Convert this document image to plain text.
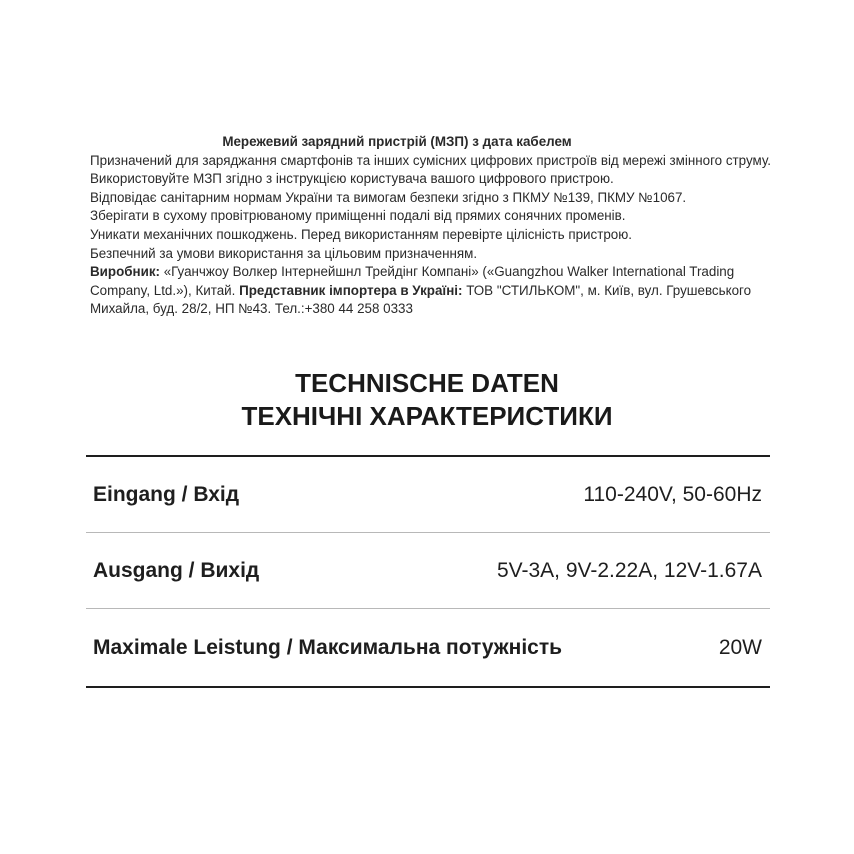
Мережевий зарядний пристрій (МЗП) з дата кабелем

Призначений для заряджання смартфонів та інших сумісних цифрових пристроїв від мережі змінного струму.

Використовуйте МЗП згідно з інструкцією користувача вашого цифрового пристрою.

Відповідає санітарним нормам України та вимогам безпеки згідно з ПКМУ №139, ПКМУ №1067.

Зберігати в сухому провітрюваному приміщенні подалі від прямих сонячних променів.

Уникати механічних пошкоджень. Перед використанням перевірте цілісність пристрою.

Безпечний за умови використання за цільовим призначенням.

Виробник: «Гуанчжоу Волкер Інтернейшнл Трейдінг Компані» («Guangzhou Walker International Trading Company, Ltd.»), Китай. Представник імпортера в Україні: ТОВ "СТИЛЬКОМ", м. Київ, вул. Грушевського Михайла, буд. 28/2, НП №43. Тел.:+380 44 258 0333

TECHNISCHE DATEN
ТЕХНІЧНІ ХАРАКТЕРИСТИКИ
Eingang / Вхід	110-240V, 50-60Hz
Ausgang / Вихід	5V-3A, 9V-2.22A, 12V-1.67A
Maximale Leistung / Максимальна потужність	20W
